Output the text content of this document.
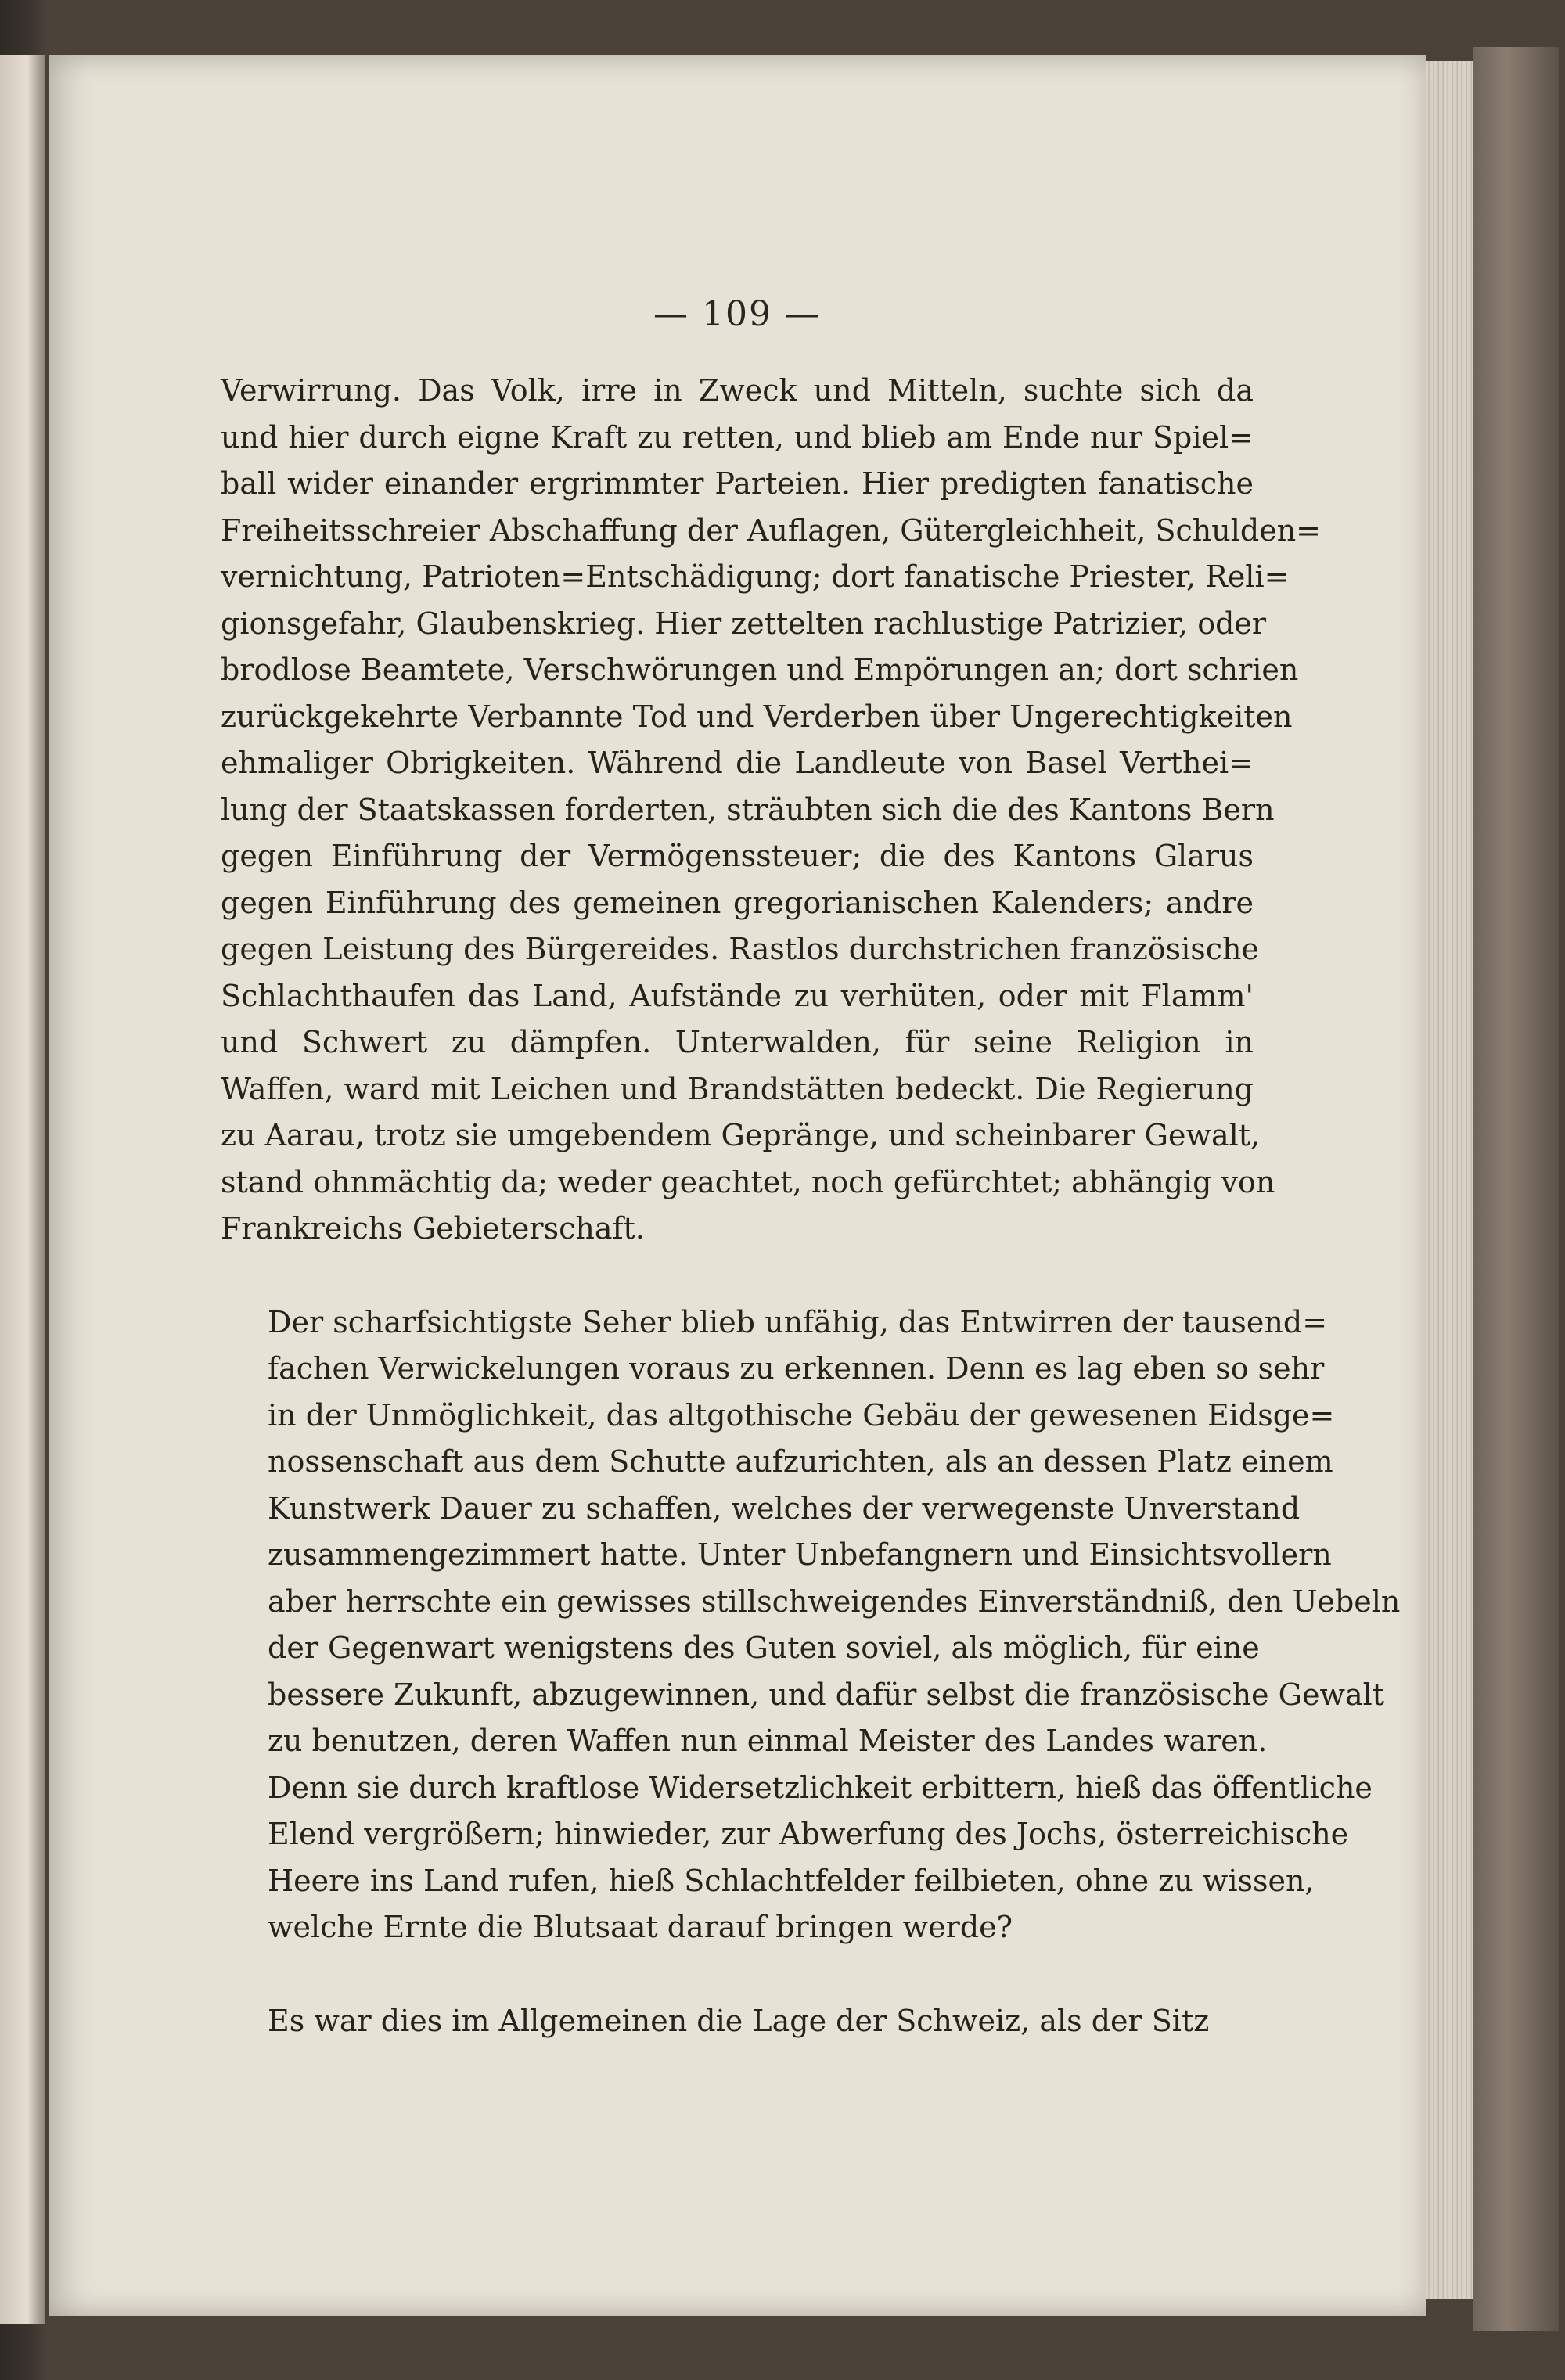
— 109 —
Verwirrung. Das Volk, irre in Zweck und Mitteln, suchte sich da
und hier durch eigne Kraft zu retten, und blieb am Ende nur Spiel=
ball wider einander ergrimmter Parteien. Hier predigten fanatische
Freiheitsschreier Abschaffung der Auflagen, Gütergleichheit, Schulden=
vernichtung, Patrioten=Entschädigung; dort fanatische Priester, Reli=
gionsgefahr, Glaubenskrieg. Hier zettelten rachlustige Patrizier, oder
brodlose Beamtete, Verschwörungen und Empörungen an; dort schrien
zurückgekehrte Verbannte Tod und Verderben über Ungerechtigkeiten
ehmaliger Obrigkeiten. Während die Landleute von Basel Verthei=
lung der Staatskassen forderten, sträubten sich die des Kantons Bern
gegen Einführung der Vermögenssteuer; die des Kantons Glarus
gegen Einführung des gemeinen gregorianischen Kalenders; andre
gegen Leistung des Bürgereides. Rastlos durchstrichen französische
Schlachthaufen das Land, Aufstände zu verhüten, oder mit Flamm'
und Schwert zu dämpfen. Unterwalden, für seine Religion in
Waffen, ward mit Leichen und Brandstätten bedeckt. Die Regierung
zu Aarau, trotz sie umgebendem Gepränge, und scheinbarer Gewalt,
stand ohnmächtig da; weder geachtet, noch gefürchtet; abhängig von
Frankreichs Gebieterschaft.
Der scharfsichtigste Seher blieb unfähig, das Entwirren der tausend=
fachen Verwickelungen voraus zu erkennen. Denn es lag eben so sehr
in der Unmöglichkeit, das altgothische Gebäu der gewesenen Eidsge=
nossenschaft aus dem Schutte aufzurichten, als an dessen Platz einem
Kunstwerk Dauer zu schaffen, welches der verwegenste Unverstand
zusammengezimmert hatte. Unter Unbefangnern und Einsichtsvollern
aber herrschte ein gewisses stillschweigendes Einverständniß, den Uebeln
der Gegenwart wenigstens des Guten soviel, als möglich, für eine
bessere Zukunft, abzugewinnen, und dafür selbst die französische Gewalt
zu benutzen, deren Waffen nun einmal Meister des Landes waren.
Denn sie durch kraftlose Widersetzlichkeit erbittern, hieß das öffentliche
Elend vergrößern; hinwieder, zur Abwerfung des Jochs, österreichische
Heere ins Land rufen, hieß Schlachtfelder feilbieten, ohne zu wissen,
welche Ernte die Blutsaat darauf bringen werde?
Es war dies im Allgemeinen die Lage der Schweiz, als der Sitz
